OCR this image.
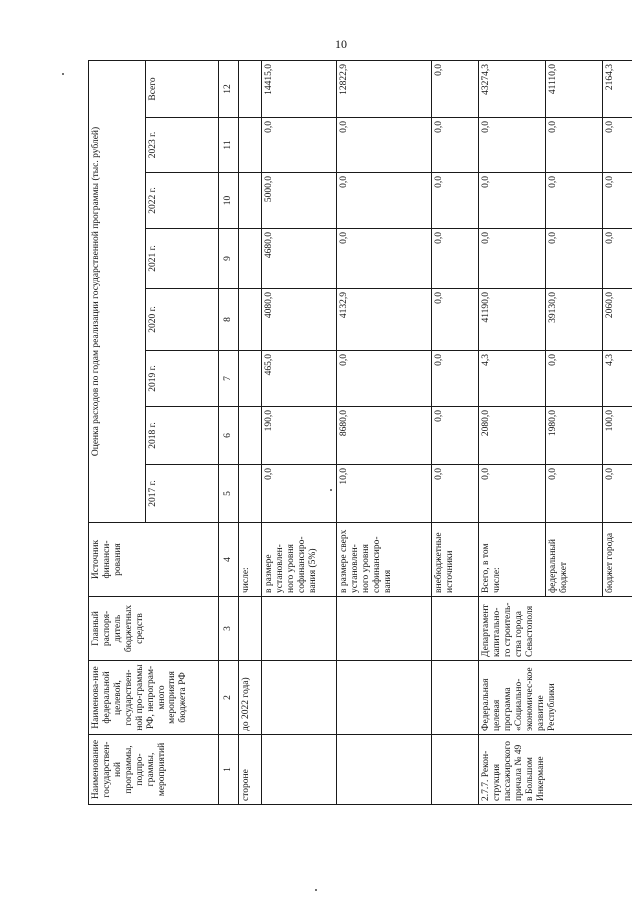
10
Наименование государствен-ной программы, подпро-граммы, мероприятий	Наименова-ние федеральной целевой, государствен-ной про-граммы РФ, непрограм-много мероприятия бюджета РФ	Главный распоря-дитель бюджетных средств	Источник финанси-рования	Оценка расходов по годам реализации государственной программы (тыс. рублей)							
				2017 г.	2018 г.	2019 г.	2020 г.	2021 г.	2022 г.	2023 г.	Всего
1	2	3	4	5	6	7	8	9	10	11	12
стороне	до 2022 года)		числе:								
			в размере установлен-ного уровня софинансиро-вания (5%)	0,0	190,0	465,0	4080,0	4680,0	5000,0	0,0	14415,0
			в размере сверх установлен-ного уровня софинансиро-вания	10,0	8680,0	0,0	4132,9	0,0	0,0	0,0	12822,9
			внебюджетные источники	0,0	0,0	0,0	0,0	0,0	0,0	0,0	0,0
2.7.7. Рекон-струкция пассажирского причала № 49 в Большом Инкермане	Федеральная целевая программа «Социально-экономичес-кое развитие Республики	Департамент капитально-го строитель-ства города Севастополя	Всего, в том числе:	0,0	2080,0	4,3	41190,0	0,0	0,0	0,0	43274,3
			федеральный бюджет	0,0	1980,0	0,0	39130,0	0,0	0,0	0,0	41110,0
			бюджет города	0,0	100,0	4,3	2060,0	0,0	0,0	0,0	2164,3
